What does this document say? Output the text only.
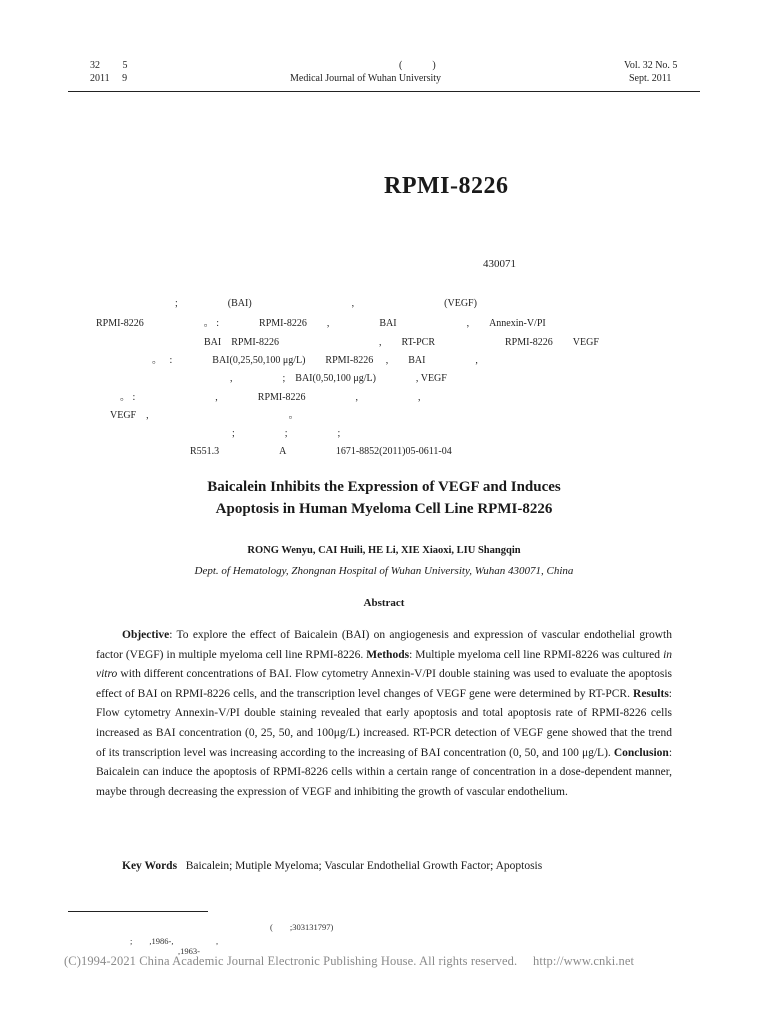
32　　 5
2011　 9
(　　　)
Medical Journal of Wuhan University
Vol. 32 No. 5
Sept. 2011
RPMI-8226
430071
;　　　　　(BAI)　　　　　　　　　　,　　　　　　　　　(VEGF)
RPMI-8226　　　　　　。 :　　　　RPMI-8226　　,　　　　　BAI　　　　　　　,　　Annexin-V/PI
BAI　RPMI-8226　　　　　　　　　　,　　RT-PCR　　　　　　　RPMI-8226　　VEGF
。　 :　　　　BAI(0,25,50,100 μg/L)　　RPMI-8226　 ,　　BAI　　　　　,
,　　　　　;　BAI(0,50,100 μg/L)　　　　, VEGF
。 :　　　　　　　　,　　　　RPMI-8226　　　　　,　　　　　　,
VEGF　,　　　　　　　　　　　　　　。
;　　　　　;　　　　　;
R551.3　　　　　　A　　　　　1671-8852(2011)05-0611-04
Baicalein Inhibits the Expression of VEGF and Induces
Apoptosis in Human Myeloma Cell Line RPMI-8226
RONG Wenyu, CAI Huili, HE Li, XIE Xiaoxi, LIU Shangqin
Dept. of Hematology, Zhongnan Hospital of Wuhan University, Wuhan 430071, China
Abstract
Objective: To explore the effect of Baicalein (BAI) on angiogenesis and expression of vascular endothelial growth factor (VEGF) in multiple myeloma cell line RPMI-8226. Methods: Multiple myeloma cell line RPMI-8226 was cultured in vitro with different concentrations of BAI. Flow cytometry Annexin-V/PI double staining was used to evaluate the apoptosis effect of BAI on RPMI-8226 cells, and the transcription level changes of VEGF gene were determined by RT-PCR. Results: Flow cytometry Annexin-V/PI double staining revealed that early apoptosis and total apoptosis rate of RPMI-8226 cells increased as BAI concentration (0, 25, 50, and 100μg/L) increased. RT-PCR detection of VEGF gene showed that the trend of its transcription level was increasing according to the increasing of BAI concentration (0, 50, and 100 μg/L). Conclusion: Baicalein can induce the apoptosis of RPMI-8226 cells within a certain range of concentration in a dose-dependent manner, maybe through decreasing the expression of VEGF and inhibiting the growth of vascular endothelium.
Key Words Baicalein; Mutiple Myeloma; Vascular Endothelial Growth Factor; Apoptosis
(　　;303131797)
;　　,1986-,　　　　　,
,1963-
(C)1994-2021 China Academic Journal Electronic Publishing House. All rights reserved.　 http://www.cnki.net
